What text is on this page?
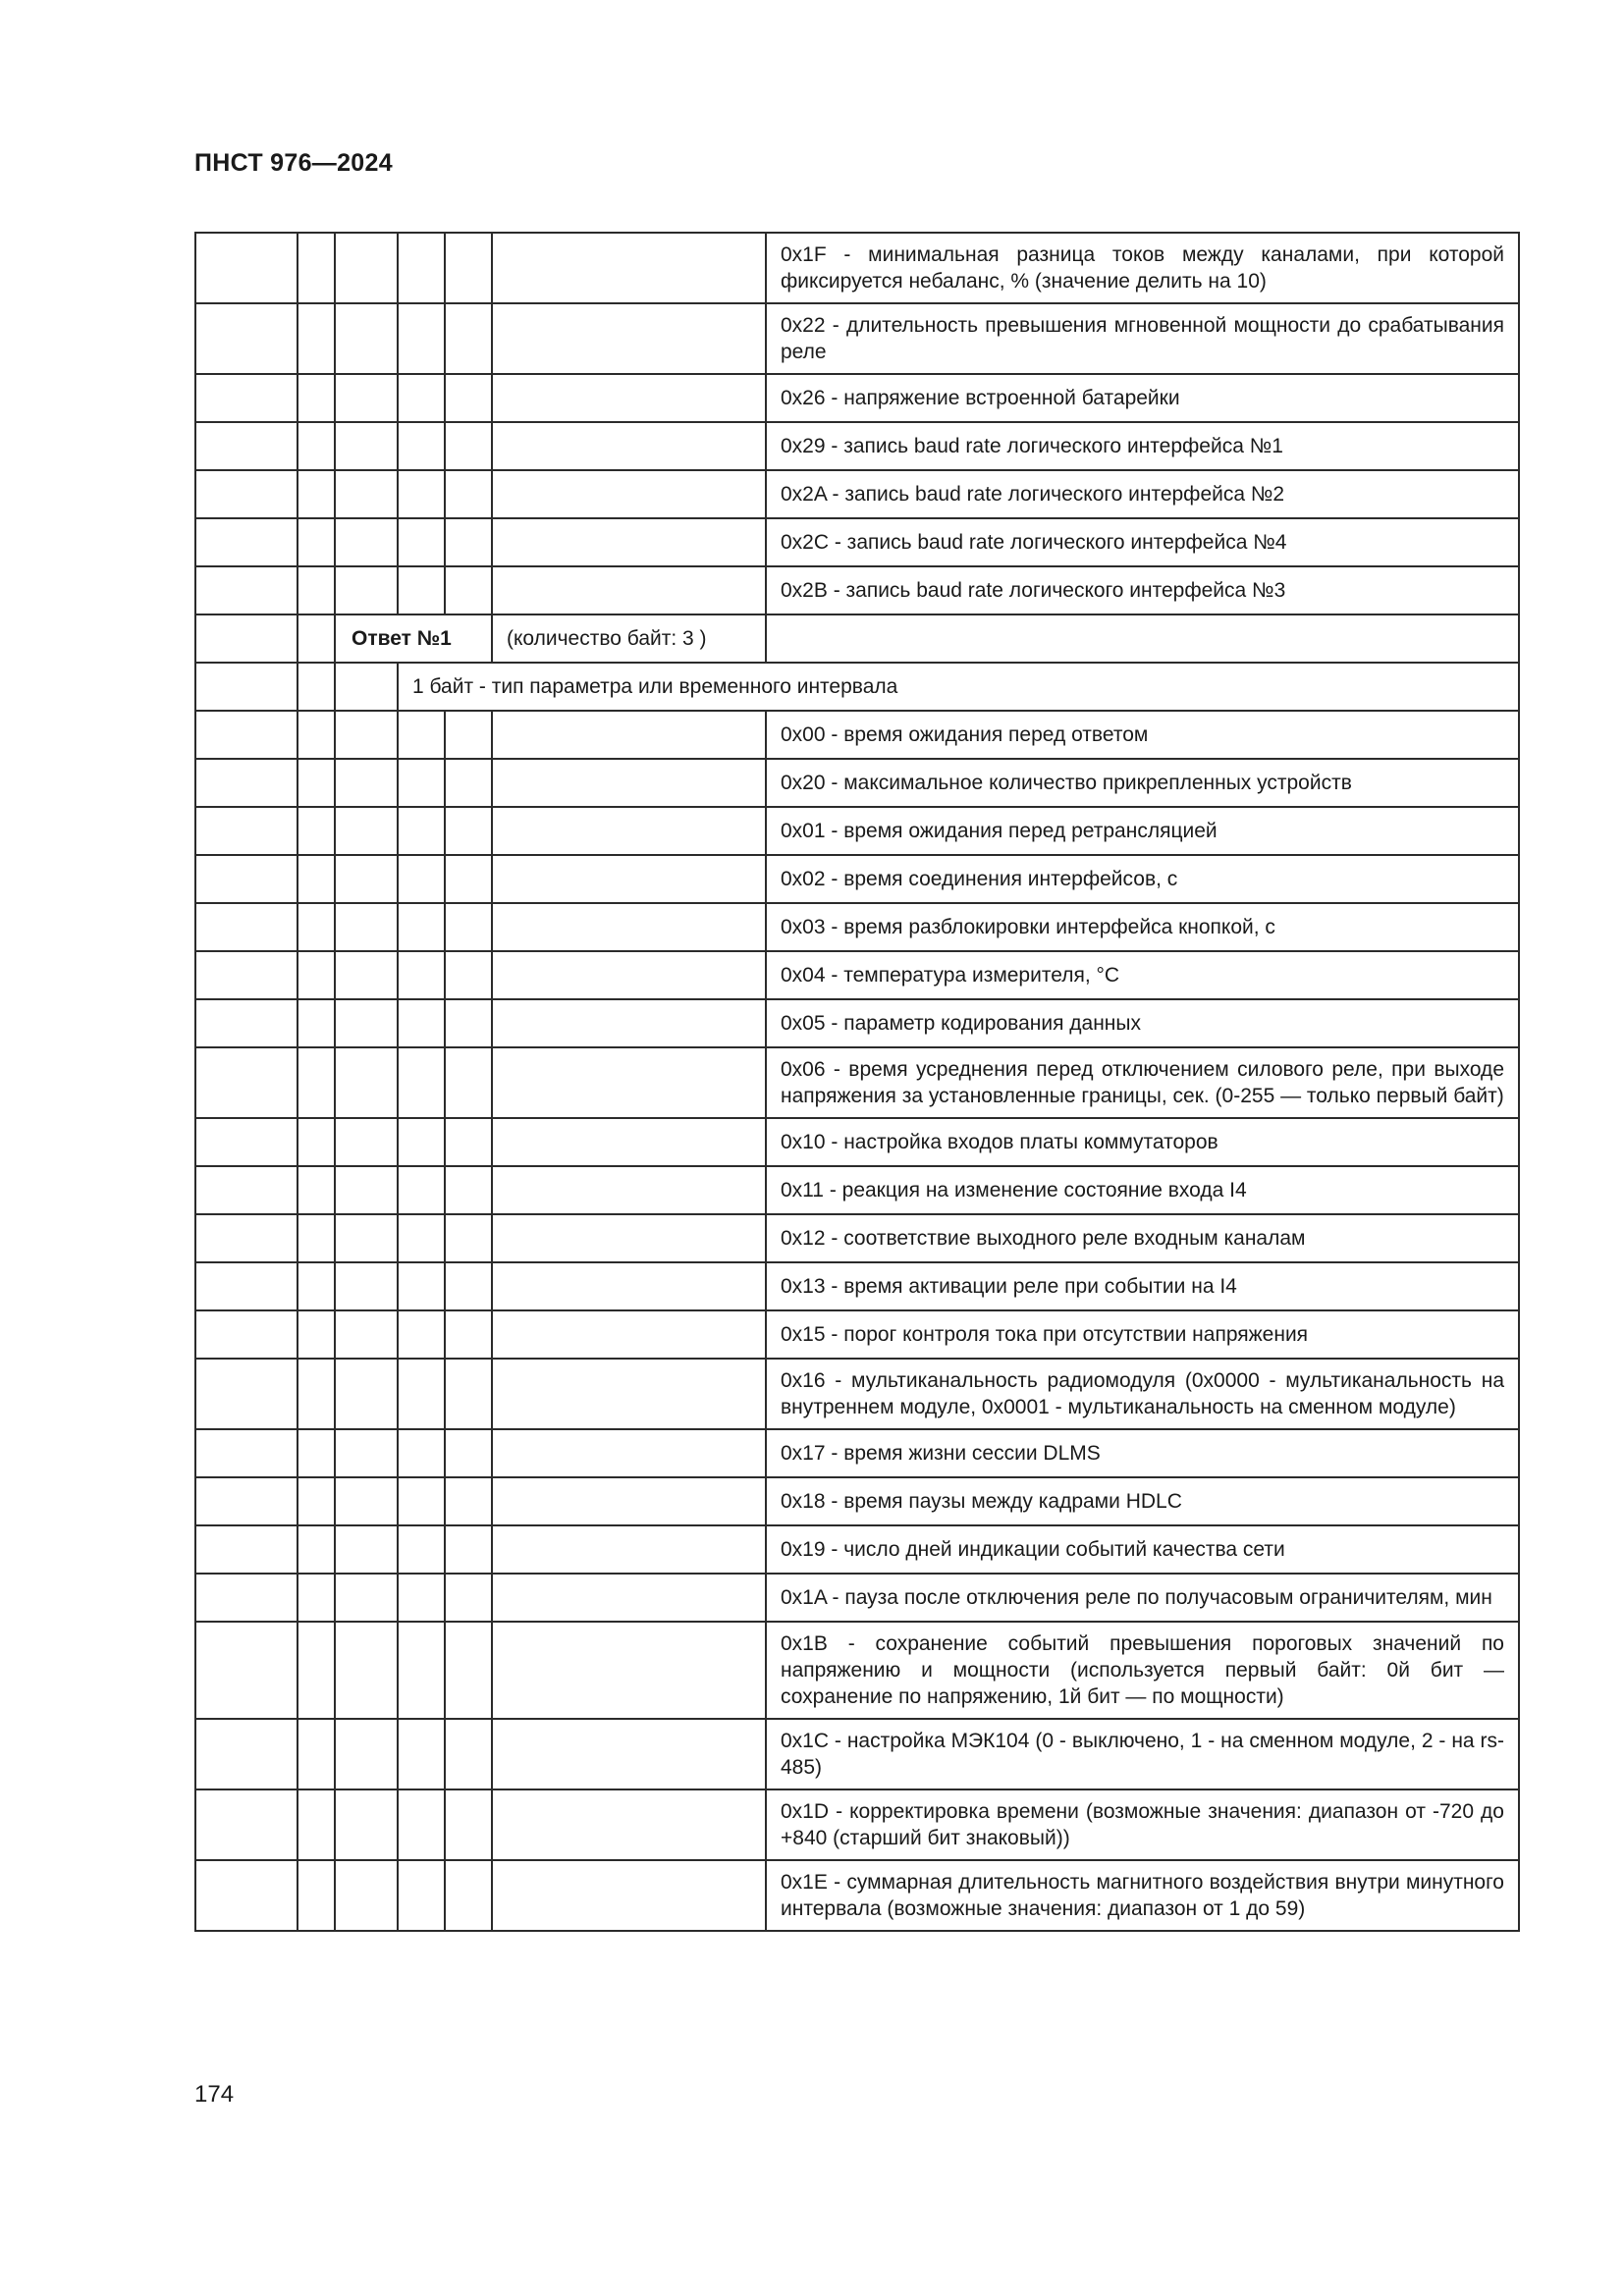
ПНСТ 976—2024
						0x1F - минимальная разница токов между каналами, при которой фиксируется небаланс, % (значение делить на 10)
						0x22 - длительность превышения мгновенной мощности до срабатывания реле
						0x26 - напряжение встроенной батарейки
						0x29 - запись baud rate логического интерфейса №1
						0x2A - запись baud rate логического интерфейса №2
						0x2C - запись baud rate логического интерфейса №4
						0x2B - запись baud rate логического интерфейса №3
		Ответ №1			(количество байт: 3 )	
			1 байт - тип параметра или временного интервала			
						0x00 - время ожидания перед ответом
						0x20 - максимальное количество прикрепленных устройств
						0x01 - время ожидания перед ретрансляцией
						0x02 - время соединения интерфейсов, с
						0x03 - время разблокировки интерфейса кнопкой, с
						0x04 - температура измерителя, °С
						0x05 - параметр кодирования данных
						0x06 - время усреднения перед отключением силового реле, при выходе напряжения за установленные границы, сек. (0-255 — только первый байт)
						0x10 - настройка входов платы коммутаторов
						0x11 - реакция на изменение состояние входа I4
						0x12 - соответствие выходного реле входным каналам
						0x13 - время активации реле при событии на I4
						0x15 - порог контроля тока при отсутствии напряжения
						0x16 - мультиканальность радиомодуля (0x0000 - мультиканальность на внутреннем модуле, 0x0001 - мультиканальность на сменном модуле)
						0x17 - время жизни сессии DLMS
						0x18 - время паузы между кадрами HDLC
						0x19 - число дней индикации событий качества сети
						0x1A - пауза после отключения реле по получасовым ограничителям, мин
						0x1B - сохранение событий превышения пороговых значений по напряжению и мощности (используется первый байт: 0й бит — сохранение по напряжению, 1й бит — по мощности)
						0x1C - настройка МЭК104 (0 - выключено, 1 - на сменном модуле, 2 - на rs-485)
						0x1D - корректировка времени (возможные значения: диапазон от -720 до +840 (старший бит знаковый))
						0x1E - суммарная длительность магнитного воздействия внутри минутного интервала (возможные значения: диапазон от 1 до 59)
174
